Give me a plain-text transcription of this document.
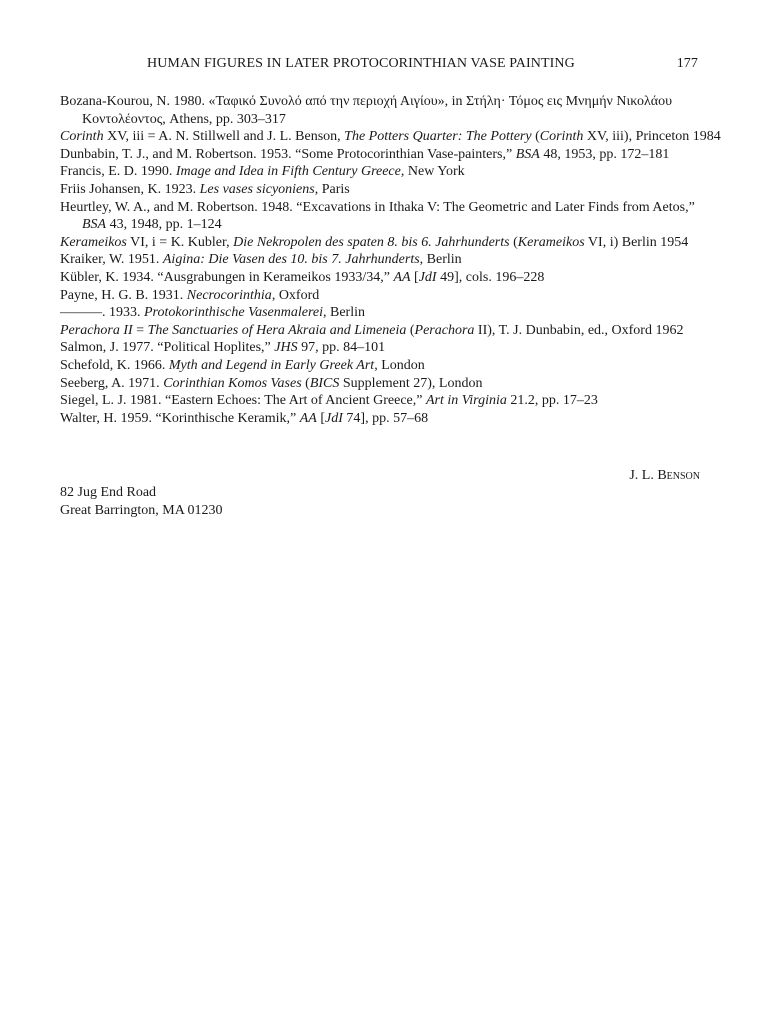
HUMAN FIGURES IN LATER PROTOCORINTHIAN VASE PAINTING	177
Bozana-Kourou, N. 1980. «Ταφικό Συνολό από την περιοχή Αιγίου», in Στήλη· Τόμος εις Μνημήν Νικολάου Κοντολέοντος, Athens, pp. 303–317
Corinth XV, iii = A. N. Stillwell and J. L. Benson, The Potters Quarter: The Pottery (Corinth XV, iii), Princeton 1984
Dunbabin, T. J., and M. Robertson. 1953. “Some Protocorinthian Vase-painters,” BSA 48, 1953, pp. 172–181
Francis, E. D. 1990. Image and Idea in Fifth Century Greece, New York
Friis Johansen, K. 1923. Les vases sicyoniens, Paris
Heurtley, W. A., and M. Robertson. 1948. “Excavations in Ithaka V: The Geometric and Later Finds from Aetos,” BSA 43, 1948, pp. 1–124
Kerameikos VI, i = K. Kubler, Die Nekropolen des spaten 8. bis 6. Jahrhunderts (Kerameikos VI, i) Berlin 1954
Kraiker, W. 1951. Aigina: Die Vasen des 10. bis 7. Jahrhunderts, Berlin
Kübler, K. 1934. “Ausgrabungen in Kerameikos 1933/34,” AA [JdI 49], cols. 196–228
Payne, H. G. B. 1931. Necrocorinthia, Oxford
———. 1933. Protokorinthische Vasenmalerei, Berlin
Perachora II = The Sanctuaries of Hera Akraia and Limeneia (Perachora II), T. J. Dunbabin, ed., Oxford 1962
Salmon, J. 1977. “Political Hoplites,” JHS 97, pp. 84–101
Schefold, K. 1966. Myth and Legend in Early Greek Art, London
Seeberg, A. 1971. Corinthian Komos Vases (BICS Supplement 27), London
Siegel, L. J. 1981. “Eastern Echoes: The Art of Ancient Greece,” Art in Virginia 21.2, pp. 17–23
Walter, H. 1959. “Korinthische Keramik,” AA [JdI 74], pp. 57–68
J. L. Benson
82 Jug End Road
Great Barrington, MA 01230
